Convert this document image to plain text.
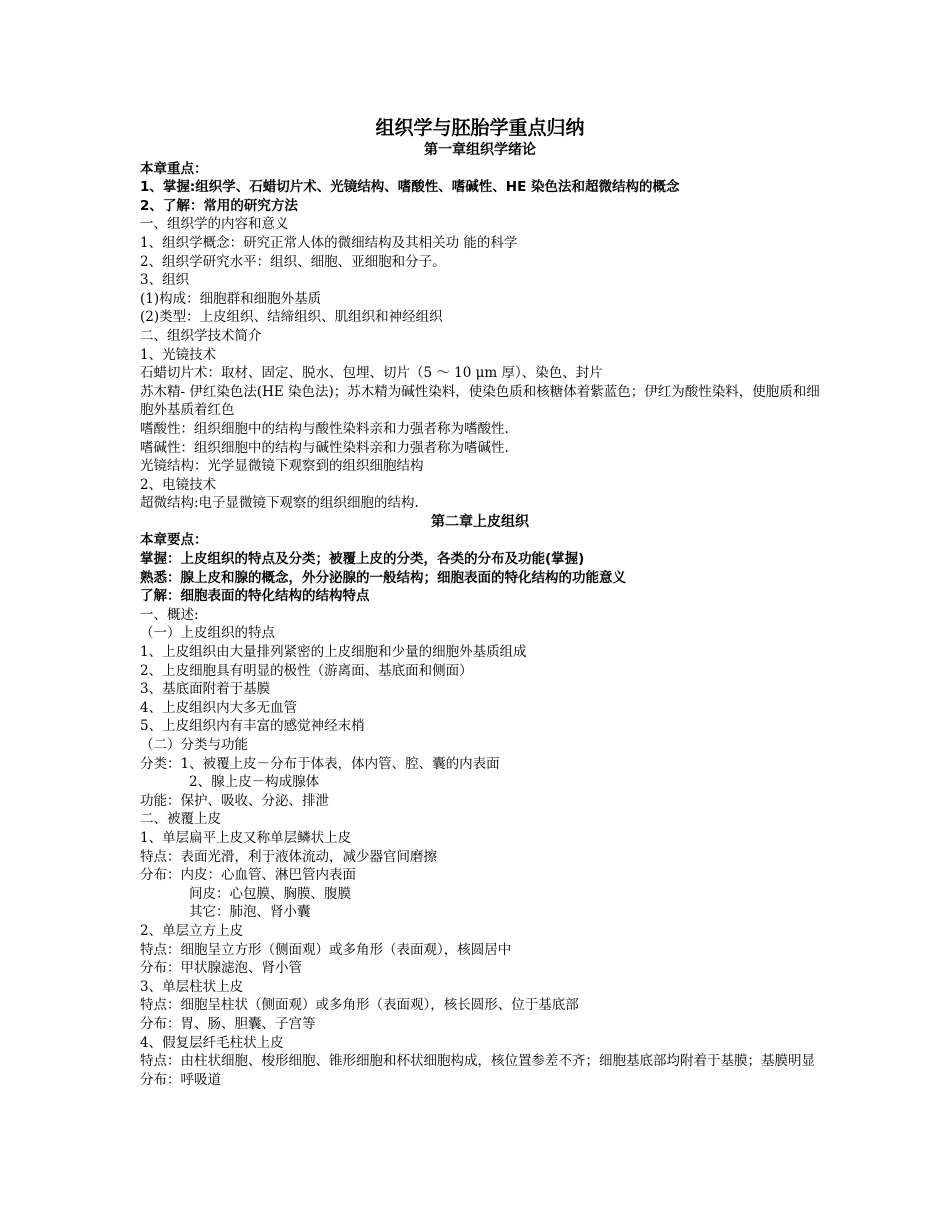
组织学与胚胎学重点归纳
第一章组织学绪论
本章重点：
1、掌握:组织学、石蜡切片术、光镜结构、嗜酸性、嗜碱性、HE 染色法和超微结构的概念
2、了解：常用的研究方法
一、组织学的内容和意义
1、组织学概念：研究正常人体的微细结构及其相关功 能的科学
2、组织学研究水平：组织、细胞、亚细胞和分子。
3、组织
(1)构成：细胞群和细胞外基质
(2)类型：上皮组织、结缔组织、肌组织和神经组织
二、组织学技术简介
1、光镜技术
石蜡切片术：取材、固定、脱水、包埋、切片（5 ～ 10 μm 厚）、染色、封片
苏木精- 伊红染色法(HE 染色法)；苏木精为碱性染料，使染色质和核糖体着紫蓝色；伊红为酸性染料，使胞质和细胞外基质着红色
嗜酸性：组织细胞中的结构与酸性染料亲和力强者称为嗜酸性.
嗜碱性：组织细胞中的结构与碱性染料亲和力强者称为嗜碱性.
光镜结构：光学显微镜下观察到的组织细胞结构
2、电镜技术
超微结构:电子显微镜下观察的组织细胞的结构.
第二章上皮组织
本章要点：
掌握：上皮组织的特点及分类；被覆上皮的分类，各类的分布及功能(掌握)
熟悉：腺上皮和腺的概念，外分泌腺的一般结构；细胞表面的特化结构的功能意义
了解：细胞表面的特化结构的结构特点
一、概述:
（一）上皮组织的特点
1、上皮组织由大量排列紧密的上皮细胞和少量的细胞外基质组成
2、上皮细胞具有明显的极性（游离面、基底面和侧面）
3、基底面附着于基膜
4、上皮组织内大多无血管
5、上皮组织内有丰富的感觉神经末梢
（二）分类与功能
分类：1、被覆上皮－分布于体表，体内管、腔、囊的内表面
2、腺上皮－构成腺体
功能：保护、吸收、分泌、排泄
二、被覆上皮
1、单层扁平上皮又称单层鳞状上皮
特点：表面光滑，利于液体流动，减少器官间磨擦
分布：内皮：心血管、淋巴管内表面
间皮：心包膜、胸膜、腹膜
其它：肺泡、肾小囊
2、单层立方上皮
特点：细胞呈立方形（侧面观）或多角形（表面观），核圆居中
分布：甲状腺滤泡、肾小管
3、单层柱状上皮
特点：细胞呈柱状（侧面观）或多角形（表面观），核长圆形、位于基底部
分布：胃、肠、胆囊、子宫等
4、假复层纤毛柱状上皮
特点：由柱状细胞、梭形细胞、锥形细胞和杯状细胞构成，核位置参差不齐；细胞基底部均附着于基膜；基膜明显
分布：呼吸道
